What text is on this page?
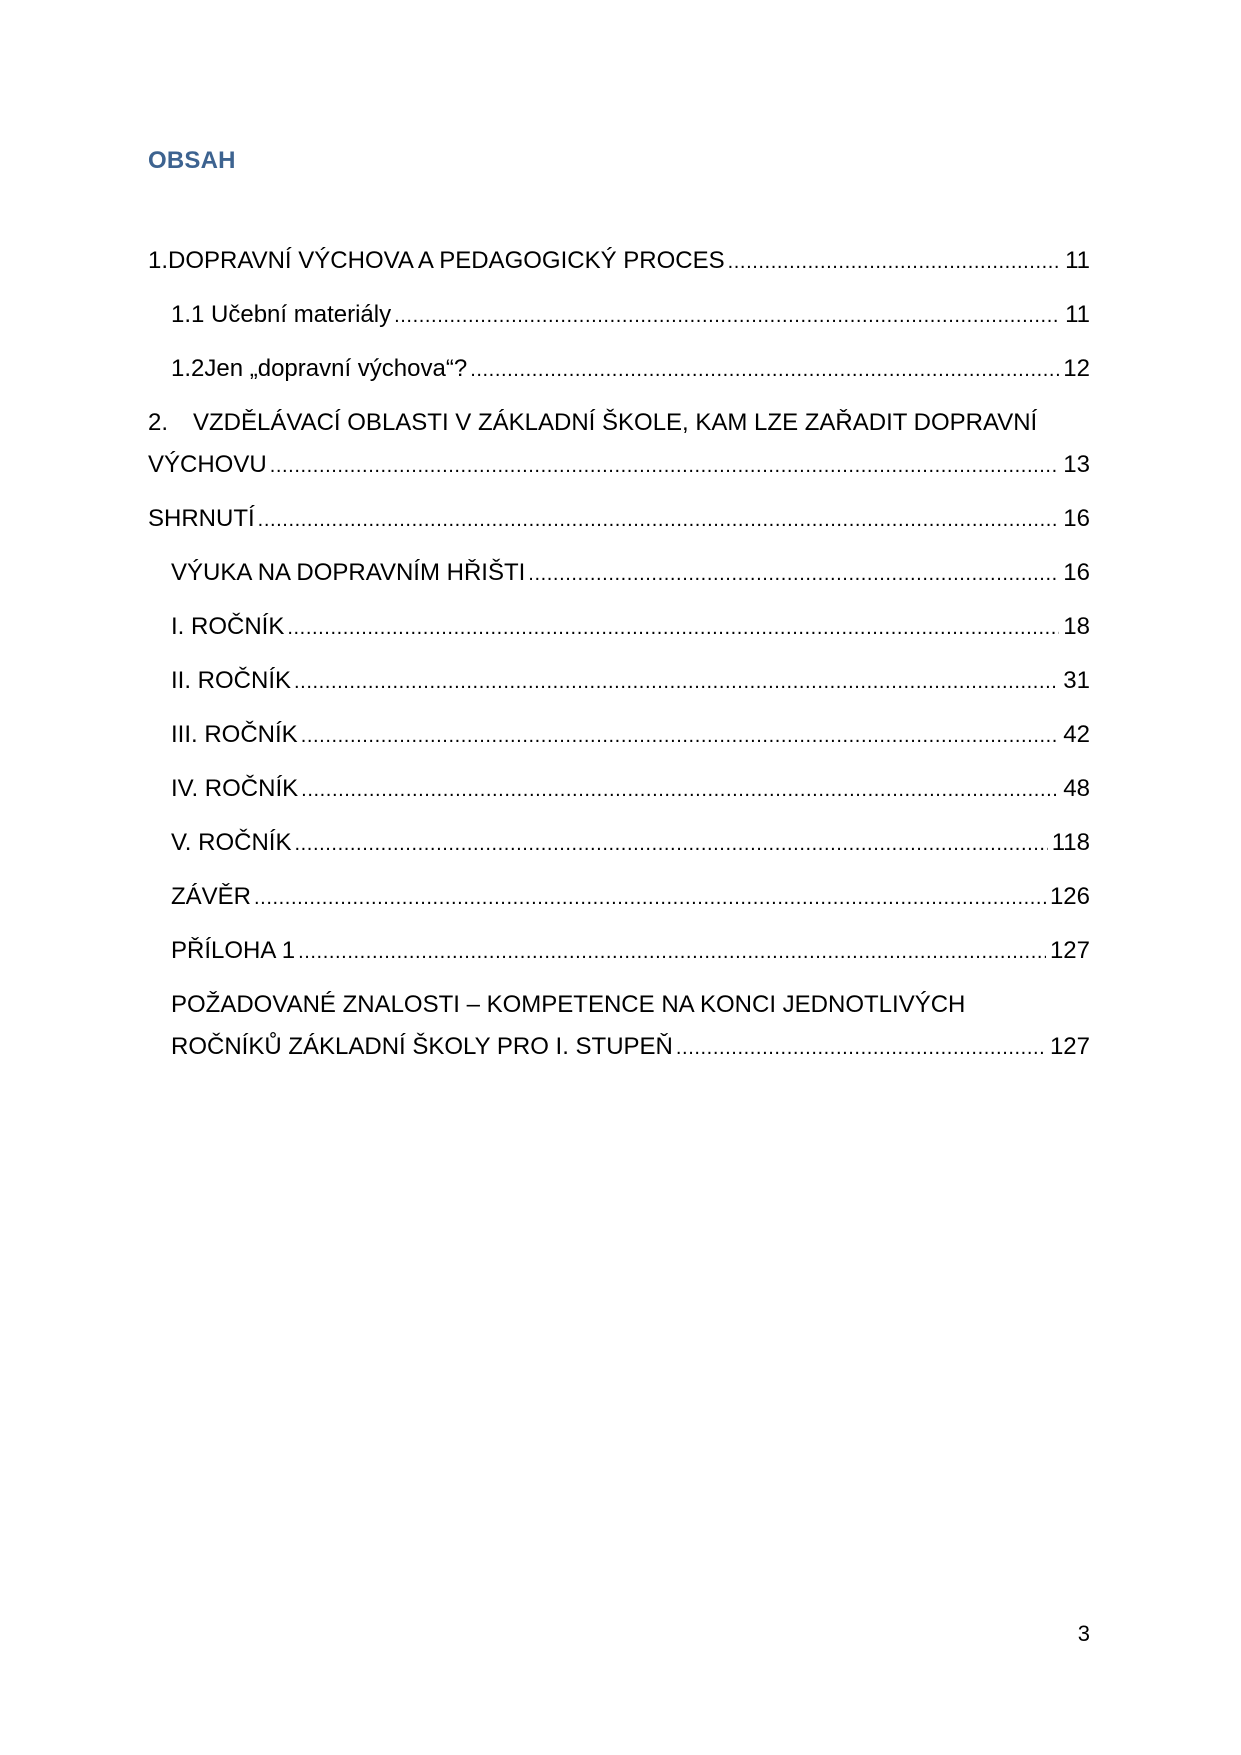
OBSAH
1. DOPRAVNÍ VÝCHOVA A PEDAGOGICKÝ PROCES .....	11
1.1 Učební materiály .....	11
1.2 Jen „dopravní výchova“? .....	12
2. VZDĚLÁVACÍ OBLASTI V ZÁKLADNÍ ŠKOLE, KAM LZE ZAŘADIT DOPRAVNÍ
VÝCHOVU .....	13
SHRNUTÍ .....	16
VÝUKA NA DOPRAVNÍM HŘIŠTI .....	16
I. ROČNÍK .....	18
II. ROČNÍK .....	31
III. ROČNÍK .....	42
IV. ROČNÍK .....	48
V. ROČNÍK .....	118
ZÁVĚR .....	126
PŘÍLOHA 1 .....	127
POŽADOVANÉ ZNALOSTI – KOMPETENCE NA KONCI JEDNOTLIVÝCH
ROČNÍKŮ ZÁKLADNÍ ŠKOLY PRO I. STUPEŇ .....	127
3
